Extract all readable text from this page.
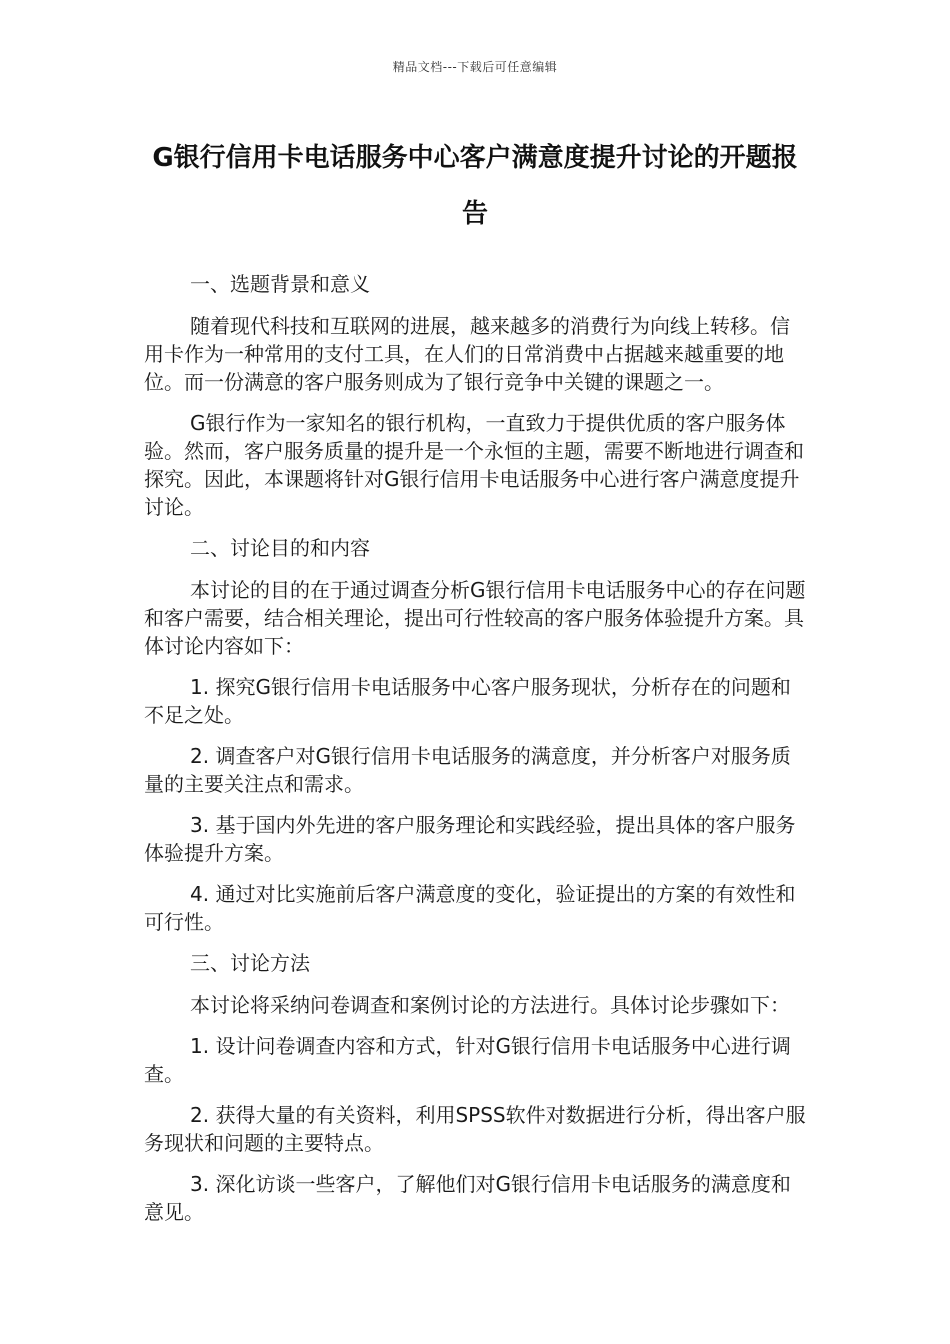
精品文档---下载后可任意编辑
G银行信用卡电话服务中心客户满意度提升讨论的开题报告

一、选题背景和意义

随着现代科技和互联网的进展，越来越多的消费行为向线上转移。信用卡作为一种常用的支付工具，在人们的日常消费中占据越来越重要的地位。而一份满意的客户服务则成为了银行竞争中关键的课题之一。

G银行作为一家知名的银行机构，一直致力于提供优质的客户服务体验。然而，客户服务质量的提升是一个永恒的主题，需要不断地进行调查和探究。因此，本课题将针对G银行信用卡电话服务中心进行客户满意度提升讨论。

二、讨论目的和内容

本讨论的目的在于通过调查分析G银行信用卡电话服务中心的存在问题和客户需要，结合相关理论，提出可行性较高的客户服务体验提升方案。具体讨论内容如下：

1. 探究G银行信用卡电话服务中心客户服务现状，分析存在的问题和不足之处。

2. 调查客户对G银行信用卡电话服务的满意度，并分析客户对服务质量的主要关注点和需求。

3. 基于国内外先进的客户服务理论和实践经验，提出具体的客户服务体验提升方案。

4. 通过对比实施前后客户满意度的变化，验证提出的方案的有效性和可行性。

三、讨论方法

本讨论将采纳问卷调查和案例讨论的方法进行。具体讨论步骤如下：

1. 设计问卷调查内容和方式，针对G银行信用卡电话服务中心进行调查。

2. 获得大量的有关资料，利用SPSS软件对数据进行分析，得出客户服务现状和问题的主要特点。

3. 深化访谈一些客户，了解他们对G银行信用卡电话服务的满意度和意见。
